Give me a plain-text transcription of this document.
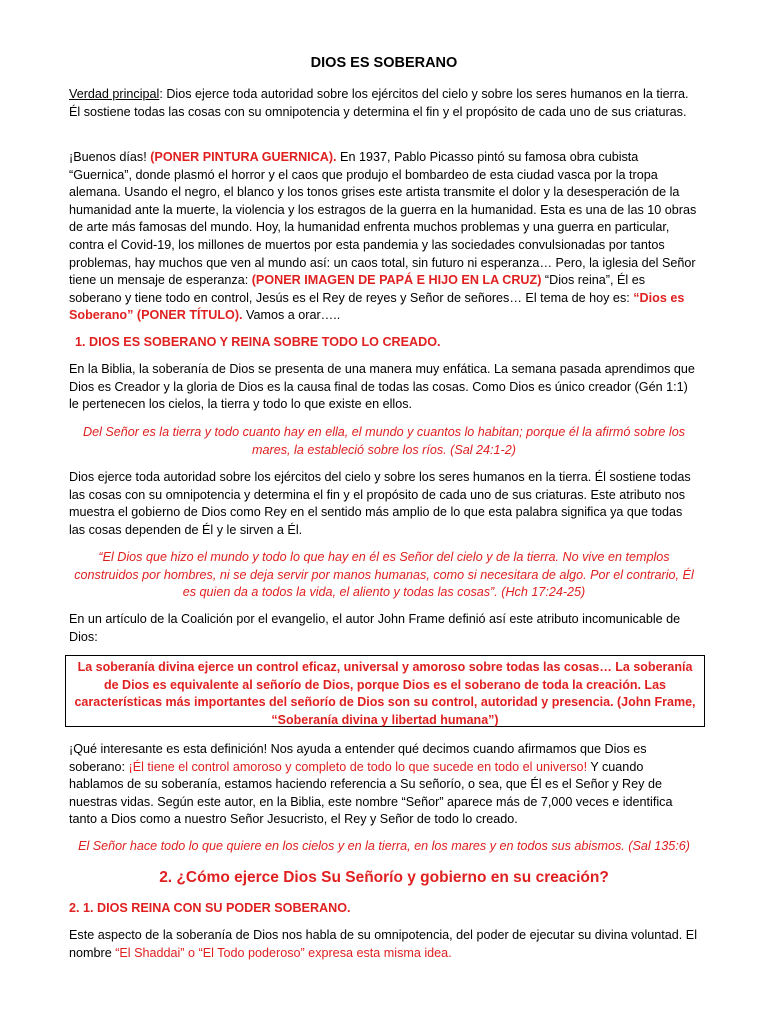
DIOS ES SOBERANO
Verdad principal: Dios ejerce toda autoridad sobre los ejércitos del cielo y sobre los seres humanos en la tierra. Él sostiene todas las cosas con su omnipotencia y determina el fin y el propósito de cada uno de sus criaturas.
¡Buenos días! (PONER PINTURA GUERNICA). En 1937, Pablo Picasso pintó su famosa obra cubista “Guernica”, donde plasmó el horror y el caos que produjo el bombardeo de esta ciudad vasca por la tropa alemana. Usando el negro, el blanco y los tonos grises este artista transmite el dolor y la desesperación de la humanidad ante la muerte, la violencia y los estragos de la guerra en la humanidad. Esta es una de las 10 obras de arte más famosas del mundo. Hoy, la humanidad enfrenta muchos problemas y una guerra en particular, contra el Covid-19, los millones de muertos por esta pandemia y las sociedades convulsionadas por tantos problemas, hay muchos que ven al mundo así: un caos total, sin futuro ni esperanza… Pero, la iglesia del Señor tiene un mensaje de esperanza: (PONER IMAGEN DE PAPÁ E HIJO EN LA CRUZ) “Dios reina”, Él es soberano y tiene todo en control, Jesús es el Rey de reyes y Señor de señores… El tema de hoy es: “Dios es Soberano” (PONER TÍTULO). Vamos a orar…..
1. DIOS ES SOBERANO Y REINA SOBRE TODO LO CREADO.
En la Biblia, la soberanía de Dios se presenta de una manera muy enfática. La semana pasada aprendimos que Dios es Creador y la gloria de Dios es la causa final de todas las cosas. Como Dios es único creador (Gén 1:1) le pertenecen los cielos, la tierra y todo lo que existe en ellos.
Del Señor es la tierra y todo cuanto hay en ella, el mundo y cuantos lo habitan; porque él la afirmó sobre los mares, la estableció sobre los ríos. (Sal 24:1-2)
Dios ejerce toda autoridad sobre los ejércitos del cielo y sobre los seres humanos en la tierra. Él sostiene todas las cosas con su omnipotencia y determina el fin y el propósito de cada uno de sus criaturas. Este atributo nos muestra el gobierno de Dios como Rey en el sentido más amplio de lo que esta palabra significa ya que todas las cosas dependen de Él y le sirven a Él.
“El Dios que hizo el mundo y todo lo que hay en él es Señor del cielo y de la tierra. No vive en templos construidos por hombres, ni se deja servir por manos humanas, como si necesitara de algo. Por el contrario, Él es quien da a todos la vida, el aliento y todas las cosas”. (Hch 17:24-25)
En un artículo de la Coalición por el evangelio, el autor John Frame definió así este atributo incomunicable de Dios:
La soberanía divina ejerce un control eficaz, universal y amoroso sobre todas las cosas… La soberanía de Dios es equivalente al señorío de Dios, porque Dios es el soberano de toda la creación. Las características más importantes del señorío de Dios son su control, autoridad y presencia. (John Frame, “Soberanía divina y libertad humana”)
¡Qué interesante es esta definición! Nos ayuda a entender qué decimos cuando afirmamos que Dios es soberano: ¡Él tiene el control amoroso y completo de todo lo que sucede en todo el universo! Y cuando hablamos de su soberanía, estamos haciendo referencia a Su señorío, o sea, que Él es el Señor y Rey de nuestras vidas. Según este autor, en la Biblia, este nombre “Señor” aparece más de 7,000 veces e identifica tanto a Dios como a nuestro Señor Jesucristo, el Rey y Señor de todo lo creado.
El Señor hace todo lo que quiere en los cielos y en la tierra, en los mares y en todos sus abismos. (Sal 135:6)
2. ¿Cómo ejerce Dios Su Señorío y gobierno en su creación?
2. 1. DIOS REINA CON SU PODER SOBERANO.
Este aspecto de la soberanía de Dios nos habla de su omnipotencia, del poder de ejecutar su divina voluntad. El nombre “El Shaddai” o “El Todo poderoso” expresa esta misma idea.
